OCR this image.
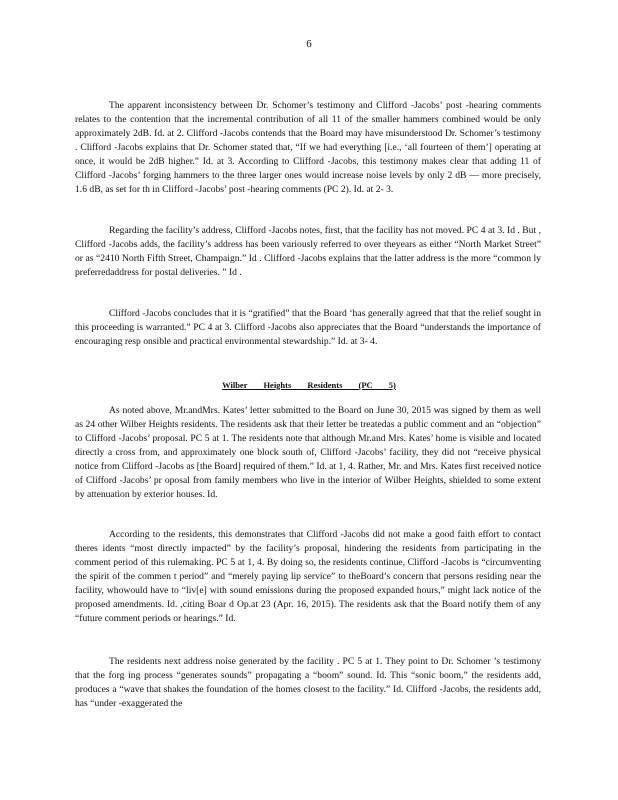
6

The apparent inconsistency between Dr. Schomer’s testimony and Clifford -Jacobs’ post -hearing comments relates to the contention that the incremental contribution of all 11 of the smaller hammers combined would be only approximately 2dB. Id. at 2. Clifford -Jacobs contends that the Board may have misunderstood Dr. Schomer’s testimony . Clifford -Jacobs explains that Dr. Schomer stated that, “If we had everything [i.e., ‘all fourteen of them’] operating at once, it would be 2dB higher.” Id. at 3. According to Clifford -Jacobs, this testimony makes clear that adding 11 of Clifford -Jacobs’ forging hammers to the three larger ones would increase noise levels by only 2 dB — more precisely, 1.6 dB, as set for th in Clifford -Jacobs’ post -hearing comments (PC 2). Id. at 2- 3.

Regarding the facility’s address, Clifford -Jacobs notes, first, that the facility has not moved. PC 4 at 3. Id . But , Clifford -Jacobs adds, the facility’s address has been variously referred to over theyears as either “North Market Street” or as “2410 North Fifth Street, Champaign.” Id . Clifford -Jacobs explains that the latter address is the more “common ly preferredaddress for postal deliveries. ” Id .

Clifford -Jacobs concludes that it is “gratified” that the Board ‘has generally agreed that that the relief sought in this proceeding is warranted.” PC 4 at 3. Clifford -Jacobs also appreciates that the Board “understands the importance of encouraging resp onsible and practical environmental stewardship.” Id. at 3- 4.

Wilber Heights Residents (PC 5)

As noted above, Mr.andMrs. Kates’ letter submitted to the Board on June 30, 2015 was signed by them as well as 24 other Wilber Heights residents. The residents ask that their letter be treatedas a public comment and an “objection” to Clifford -Jacobs’ proposal. PC 5 at 1. The residents note that although Mr.and Mrs. Kates’ home is visible and located directly a cross from, and approximately one block south of, Clifford -Jacobs’ facility, they did not “receive physical notice from Clifford -Jacobs as [the Board] required of them.” Id. at 1, 4. Rather, Mr. and Mrs. Kates first received notice of Clifford -Jacobs’ pr oposal from family members who live in the interior of Wilber Heights, shielded to some extent by attenuation by exterior houses. Id.

According to the residents, this demonstrates that Clifford -Jacobs did not make a good faith effort to contact theres idents “most directly impacted” by the facility’s proposal, hindering the residents from participating in the comment period of this rulemaking. PC 5 at 1, 4. By doing so, the residents continue, Clifford -Jacobs is “circumventing the spirit of the commen t period” and “merely paying lip service” to theBoard’s concern that persons residing near the facility, whowould have to “liv[e] with sound emissions during the proposed expanded hours,” might lack notice of the proposed amendments. Id. ,citing Boar d Op.at 23 (Apr. 16, 2015). The residents ask that the Board notify them of any “future comment periods or hearings.” Id.

The residents next address noise generated by the facility . PC 5 at 1. They point to Dr. Schomer ’s testimony that the forg ing process “generates sounds” propagating a “boom” sound. Id. This “sonic boom,” the residents add, produces a “wave that shakes the foundation of the homes closest to the facility.” Id. Clifford -Jacobs, the residents add, has “under -exaggerated the
